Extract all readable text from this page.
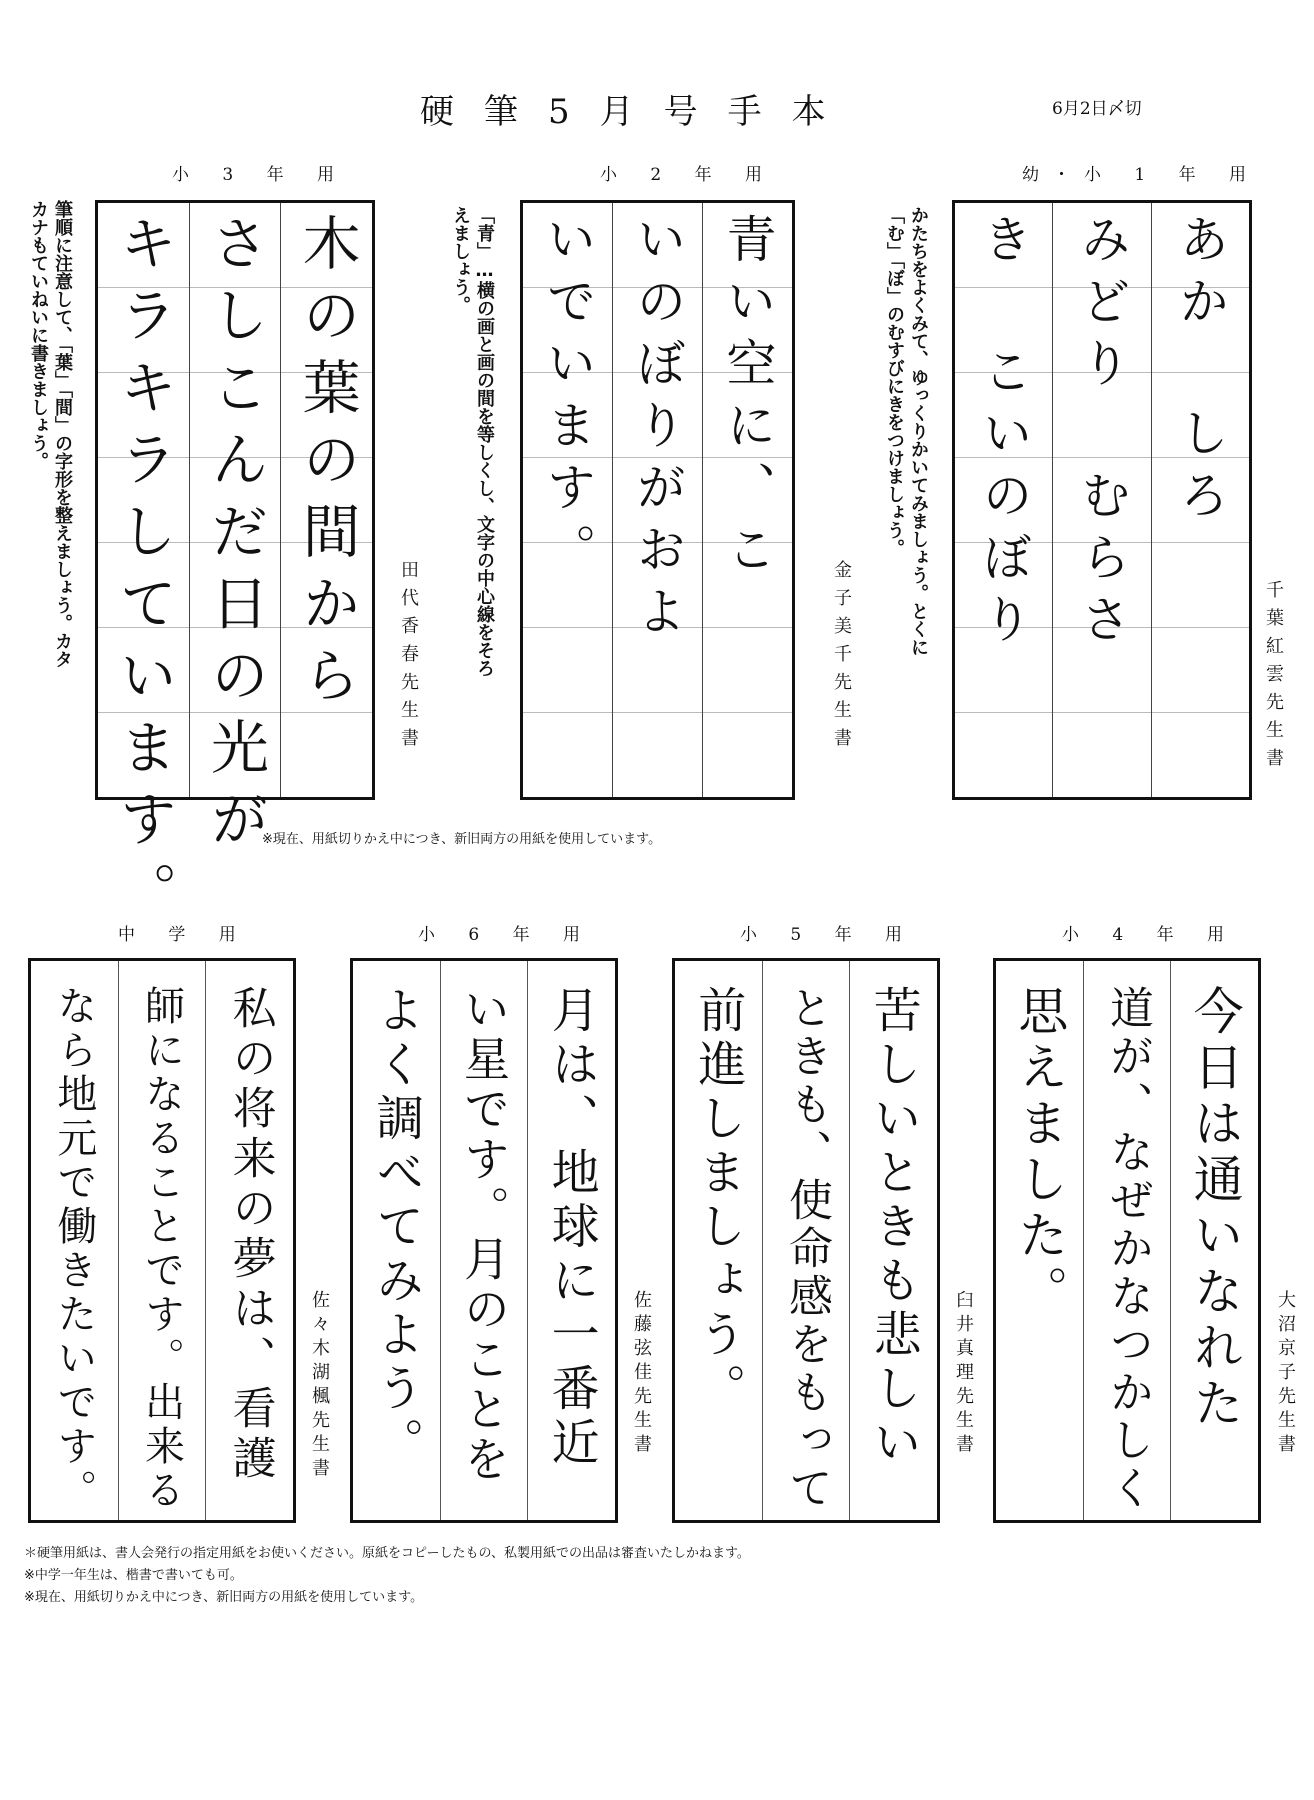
硬筆5月号手本	6月2日〆切
小 3 年 用
木の葉の間から
さしこんだ日の光が
キラキラしています。	田代香春先生書
筆順に注意して、「葉」「間」の字形を整えましょう。カタ
カナもていねいに書きましょう。
小 2 年 用
青い空に、こ
いのぼりがおよ
いでいます。
金子美千先生書
「青」…横の画と画の間を等しくし、文字の中心線をそろ
えましょう。
幼・小 1 年 用
あか しろ
みどり むらさ
き こいのぼり
千葉紅雲先生書
かたちをよくみて、ゆっくりかいてみましょう。とくに
「む」「ぼ」のむすびにきをつけましょう。
※現在、用紙切りかえ中につき、新旧両方の用紙を使用しています。
中 学 用
私の将来の夢は、看護
師になることです。出来る
なら地元で働きたいです。	佐々木湖楓先生書
小 6 年 用
月は、地球に一番近
い星です。月のことを
よく調べてみよう。	佐藤弦佳先生書
小 5 年 用
苦しいときも悲しい
ときも、使命感をもって
前進しましょう。	臼井真理先生書
小 4 年 用
今日は通いなれた
道が、なぜかなつかしく
思えました。
大沼京子先生書
＊硬筆用紙は、書人会発行の指定用紙をお使いください。原紙をコピーしたもの、私製用紙での出品は審査いたしかねます。
※中学一年生は、楷書で書いても可。
※現在、用紙切りかえ中につき、新旧両方の用紙を使用しています。
